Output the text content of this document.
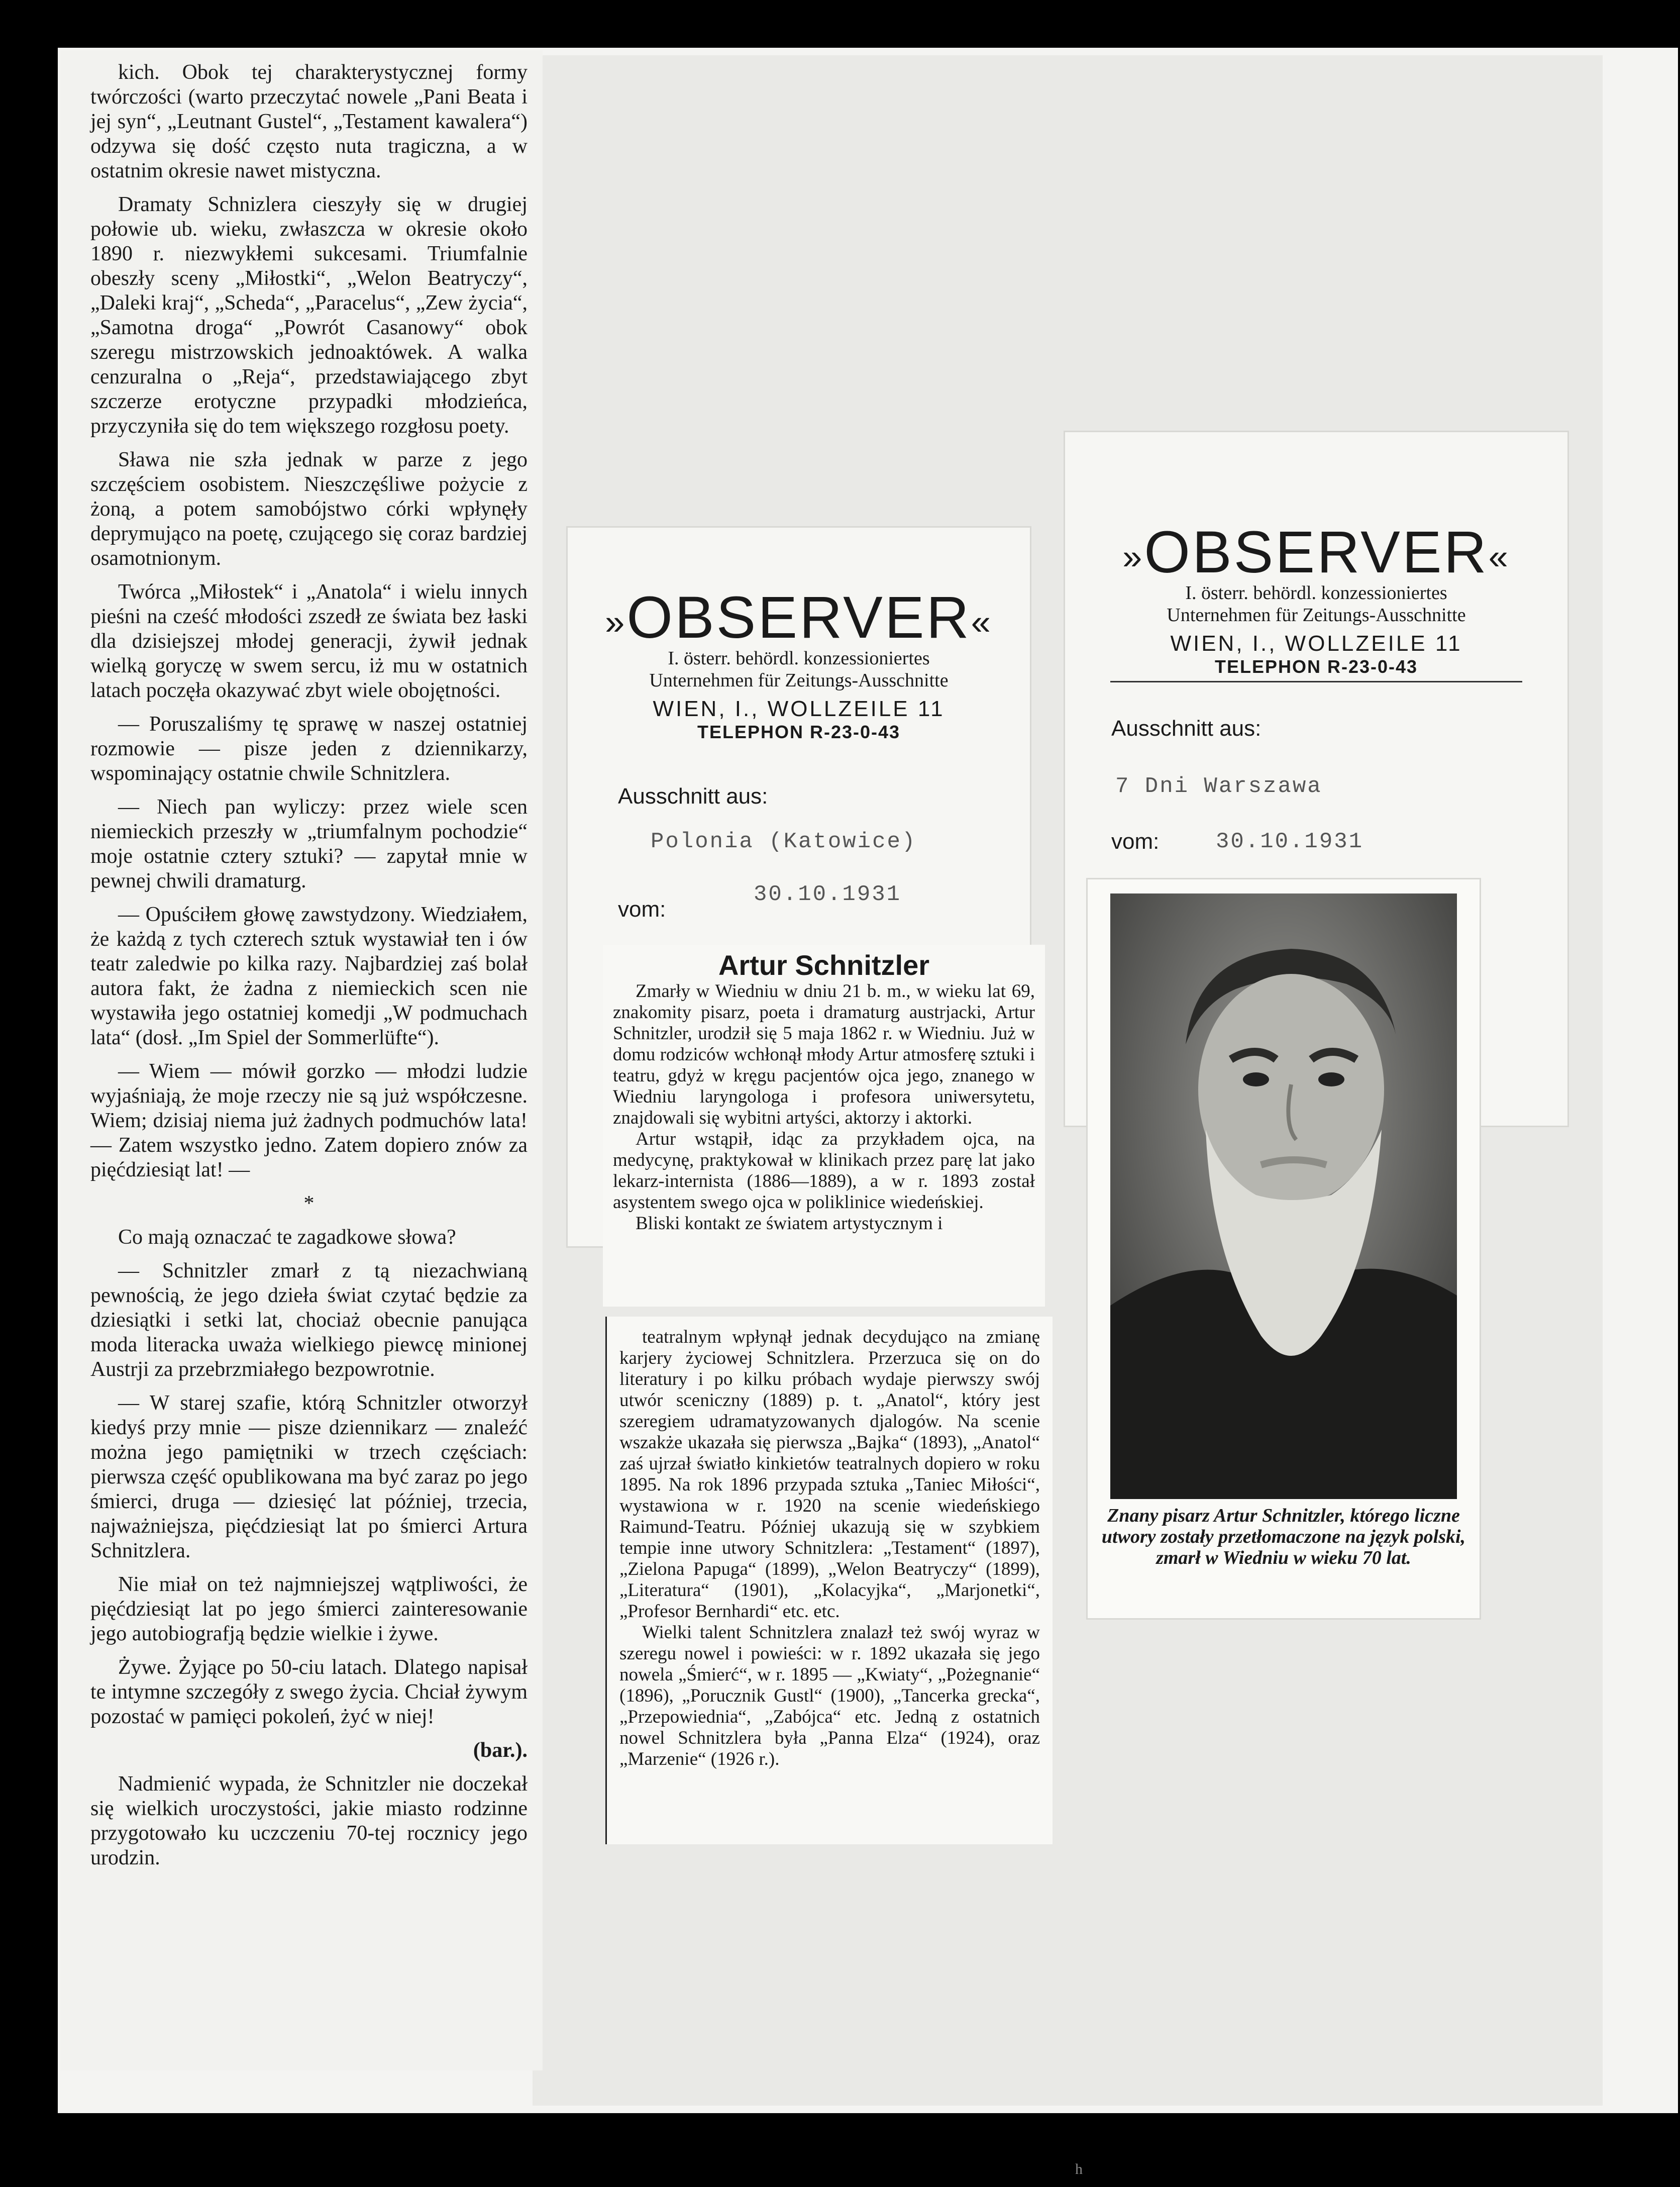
kich. Obok tej charakterystycznej formy twórczości (warto przeczytać nowele „Pani Beata i jej syn“, „Leutnant Gustel“, „Testament kawalera“) odzywa się dość często nuta tragiczna, a w ostatnim okresie nawet mistyczna.

Dramaty Schnizlera cieszyły się w drugiej połowie ub. wieku, zwłaszcza w okresie około 1890 r. niezwykłemi sukcesami. Triumfalnie obeszły sceny „Miłostki“, „Welon Beatryczy“, „Daleki kraj“, „Scheda“, „Paracelus“, „Zew życia“, „Samotna droga“ „Powrót Casanowy“ obok szeregu mistrzowskich jednoaktówek. A walka cenzuralna o „Reja“, przedstawiającego zbyt szczerze erotyczne przypadki młodzieńca, przyczyniła się do tem większego rozgłosu poety.

Sława nie szła jednak w parze z jego szczęściem osobistem. Nieszczęśliwe pożycie z żoną, a potem samobójstwo córki wpłynęły deprymująco na poetę, czującego się coraz bardziej osamotnionym.

Twórca „Miłostek“ i „Anatola“ i wielu innych pieśni na cześć młodości zszedł ze świata bez łaski dla dzisiejszej młodej generacji, żywił jednak wielką goryczę w swem sercu, iż mu w ostatnich latach poczęła okazywać zbyt wiele obojętności.

— Poruszaliśmy tę sprawę w naszej ostatniej rozmowie — pisze jeden z dziennikarzy, wspominający ostatnie chwile Schnitzlera.

— Niech pan wyliczy: przez wiele scen niemieckich przeszły w „triumfalnym pochodzie“ moje ostatnie cztery sztuki? — zapytał mnie w pewnej chwili dramaturg.

— Opuściłem głowę zawstydzony. Wiedziałem, że każdą z tych czterech sztuk wystawiał ten i ów teatr zaledwie po kilka razy. Najbardziej zaś bolał autora fakt, że żadna z niemieckich scen nie wystawiła jego ostatniej komedji „W podmuchach lata“ (dosł. „Im Spiel der Sommerlüfte“).

— Wiem — mówił gorzko — młodzi ludzie wyjaśniają, że moje rzeczy nie są już współczesne. Wiem; dzisiaj niema już żadnych podmuchów lata! — Zatem wszystko jedno. Zatem dopiero znów za pięćdziesiąt lat! —

*

Co mają oznaczać te zagadkowe słowa?

— Schnitzler zmarł z tą niezachwianą pewnością, że jego dzieła świat czytać będzie za dziesiątki i setki lat, chociaż obecnie panująca moda literacka uważa wielkiego piewcę minionej Austrji za przebrzmiałego bezpowrotnie.

— W starej szafie, którą Schnitzler otworzył kiedyś przy mnie — pisze dziennikarz — znaleźć można jego pamiętniki w trzech częściach: pierwsza część opublikowana ma być zaraz po jego śmierci, druga — dziesięć lat później, trzecia, najważniejsza, pięćdziesiąt lat po śmierci Artura Schnitzlera.

Nie miał on też najmniejszej wątpliwości, że pięćdziesiąt lat po jego śmierci zainteresowanie jego autobiografją będzie wielkie i żywe.

Żywe. Żyjące po 50-ciu latach. Dlatego napisał te intymne szczegóły z swego życia. Chciał żywym pozostać w pamięci pokoleń, żyć w niej!

(bar.).

Nadmienić wypada, że Schnitzler nie doczekał się wielkich uroczystości, jakie miasto rodzinne przygotowało ku uczczeniu 70-tej rocznicy jego urodzin.

»OBSERVER«
I. österr. behördl. konzessioniertes
Unternehmen für Zeitungs-Ausschnitte
WIEN, I., WOLLZEILE 11
TELEPHON R-23-0-43
Ausschnitt aus:
Polonia (Katowice)
vom:
30.10.1931
Artur Schnitzler

Zmarły w Wiedniu w dniu 21 b. m., w wieku lat 69, znakomity pisarz, poeta i dramaturg austrjacki, Artur Schnitzler, urodził się 5 maja 1862 r. w Wiedniu. Już w domu rodziców wchłonął młody Artur atmosferę sztuki i teatru, gdyż w kręgu pacjentów ojca jego, znanego w Wiedniu laryngologa i profesora uniwersytetu, znajdowali się wybitni artyści, aktorzy i aktorki.

Artur wstąpił, idąc za przykładem ojca, na medycynę, praktykował w klinikach przez parę lat jako lekarz-internista (1886—1889), a w r. 1893 został asystentem swego ojca w poliklinice wiedeńskiej.

Bliski kontakt ze światem artystycznym i

teatralnym wpłynął jednak decydująco na zmianę karjery życiowej Schnitzlera. Przerzuca się on do literatury i po kilku próbach wydaje pierwszy swój utwór sceniczny (1889) p. t. „Anatol“, który jest szeregiem udramatyzowanych djalogów. Na scenie wszakże ukazała się pierwsza „Bajka“ (1893), „Anatol“ zaś ujrzał światło kinkietów teatralnych dopiero w roku 1895. Na rok 1896 przypada sztuka „Taniec Miłości“, wystawiona w r. 1920 na scenie wiedeńskiego Raimund-Teatru. Później ukazują się w szybkiem tempie inne utwory Schnitzlera: „Testament“ (1897), „Zielona Papuga“ (1899), „Welon Beatryczy“ (1899), „Literatura“ (1901), „Kolacyjka“, „Marjonetki“, „Profesor Bernhardi“ etc. etc.

Wielki talent Schnitzlera znalazł też swój wyraz w szeregu nowel i powieści: w r. 1892 ukazała się jego nowela „Śmierć“, w r. 1895 — „Kwiaty“, „Pożegnanie“ (1896), „Porucznik Gustl“ (1900), „Tancerka grecka“, „Przepowiednia“, „Zabójca“ etc. Jedną z ostatnich nowel Schnitzlera była „Panna Elza“ (1924), oraz „Marzenie“ (1926 r.).

»OBSERVER«
I. österr. behördl. konzessioniertes
Unternehmen für Zeitungs-Ausschnitte
WIEN, I., WOLLZEILE 11
TELEPHON R-23-0-43
Ausschnitt aus:
7 Dni Warszawa
vom:	30.10.1931
Znany pisarz Artur Schnitzler, którego liczne utwory zostały przetłomaczone na język polski, zmarł w Wiedniu w wieku 70 lat.
h
